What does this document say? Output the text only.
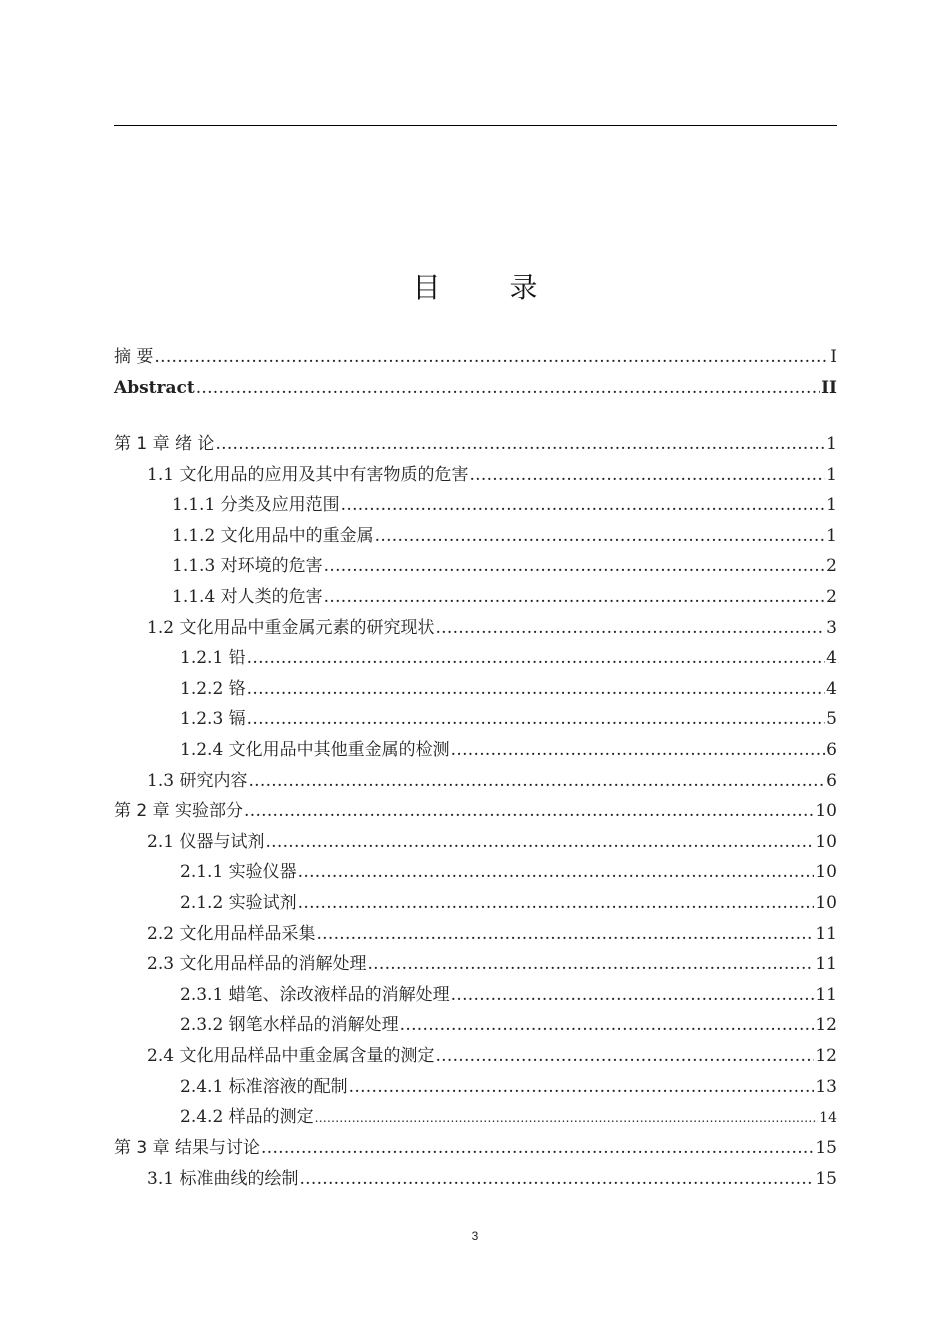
目 录
摘 要 .....	I
Abstract .....	II
第 1 章 绪 论 .....	1
1.1 文化用品的应用及其中有害物质的危害 .....	1
1.1.1 分类及应用范围 .....	1
1.1.2 文化用品中的重金属 .....	1
1.1.3 对环境的危害 .....	2
1.1.4 对人类的危害 .....	2
1.2 文化用品中重金属元素的研究现状 .....	3
1.2.1 铅 .....	4
1.2.2 铬 .....	4
1.2.3 镉 .....	5
1.2.4 文化用品中其他重金属的检测 .....	6
1.3 研究内容 .....	6
第 2 章 实验部分 .....	10
2.1 仪器与试剂 .....	10
2.1.1 实验仪器 .....	10
2.1.2 实验试剂 .....	10
2.2 文化用品样品采集 .....	11
2.3 文化用品样品的消解处理 .....	11
2.3.1 蜡笔、涂改液样品的消解处理 .....	11
2.3.2 钢笔水样品的消解处理 .....	12
2.4 文化用品样品中重金属含量的测定 .....	12
2.4.1 标准溶液的配制 .....	13
2.4.2 样品的测定 .....	14
第 3 章 结果与讨论 .....	15
3.1 标准曲线的绘制 .....	15
3
